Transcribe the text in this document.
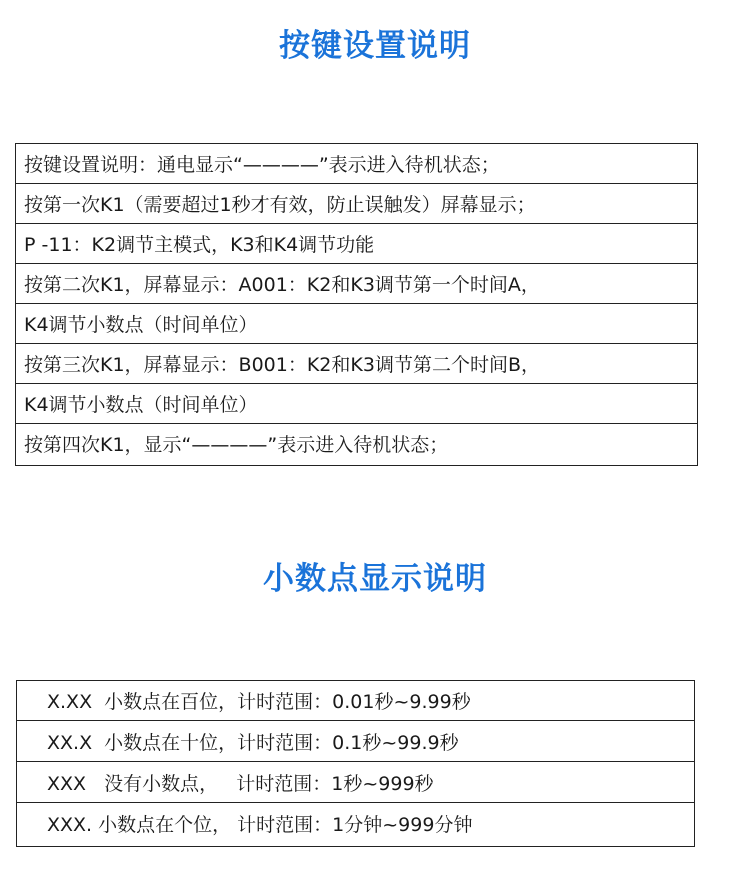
按键设置说明
按键设置说明：通电显示“————”表示进入待机状态；
按第一次K1（需要超过1秒才有效，防止误触发）屏幕显示；
P -11：K2调节主模式，K3和K4调节功能
按第二次K1，屏幕显示：A001：K2和K3调节第一个时间A，
K4调节小数点（时间单位）
按第三次K1，屏幕显示：B001：K2和K3调节第二个时间B，
K4调节小数点（时间单位）
按第四次K1，显示“————”表示进入待机状态；
小数点显示说明
X.XX  小数点在百位，计时范围：0.01秒~9.99秒
XX.X  小数点在十位，计时范围：0.1秒~99.9秒
XXX   没有小数点，   计时范围：1秒~999秒
XXX. 小数点在个位， 计时范围：1分钟~999分钟
